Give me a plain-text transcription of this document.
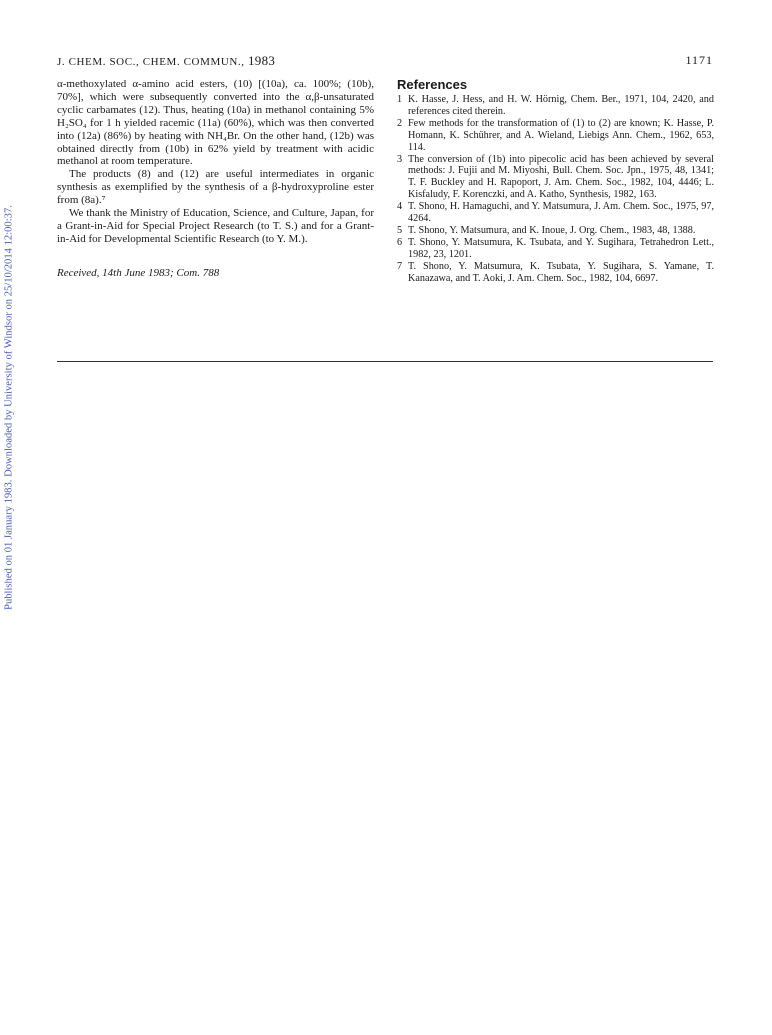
Published on 01 January 1983. Downloaded by University of Windsor on 25/10/2014 12:00:37.
J. CHEM. SOC., CHEM. COMMUN., 1983	1171

α-methoxylated α-amino acid esters, (10) [(10a), ca. 100%; (10b), 70%], which were subsequently converted into the α,β-unsaturated cyclic carbamates (12). Thus, heating (10a) in methanol containing 5% H₂SO₄ for 1 h yielded racemic (11a) (60%), which was then converted into (12a) (86%) by heating with NH₄Br. On the other hand, (12b) was obtained directly from (10b) in 62% yield by treatment with acidic methanol at room temperature.

The products (8) and (12) are useful intermediates in organic synthesis as exemplified by the synthesis of a β-hydroxyproline ester from (8a).⁷

We thank the Ministry of Education, Science, and Culture, Japan, for a Grant-in-Aid for Special Project Research (to T. S.) and for a Grant-in-Aid for Developmental Scientific Research (to Y. M.).

Received, 14th June 1983; Com. 788

References
1 K. Hasse, J. Hess, and H. W. Hörnig, Chem. Ber., 1971, 104, 2420, and references cited therein.
2 Few methods for the transformation of (1) to (2) are known; K. Hasse, P. Homann, K. Schührer, and A. Wieland, Liebigs Ann. Chem., 1962, 653, 114.
3 The conversion of (1b) into pipecolic acid has been achieved by several methods: J. Fujii and M. Miyoshi, Bull. Chem. Soc. Jpn., 1975, 48, 1341; T. F. Buckley and H. Rapoport, J. Am. Chem. Soc., 1982, 104, 4446; L. Kisfaludy, F. Korenczki, and A. Katho, Synthesis, 1982, 163.
4 T. Shono, H. Hamaguchi, and Y. Matsumura, J. Am. Chem. Soc., 1975, 97, 4264.
5 T. Shono, Y. Matsumura, and K. Inoue, J. Org. Chem., 1983, 48, 1388.
6 T. Shono, Y. Matsumura, K. Tsubata, and Y. Sugihara, Tetrahedron Lett., 1982, 23, 1201.
7 T. Shono, Y. Matsumura, K. Tsubata, Y. Sugihara, S. Yamane, T. Kanazawa, and T. Aoki, J. Am. Chem. Soc., 1982, 104, 6697.
